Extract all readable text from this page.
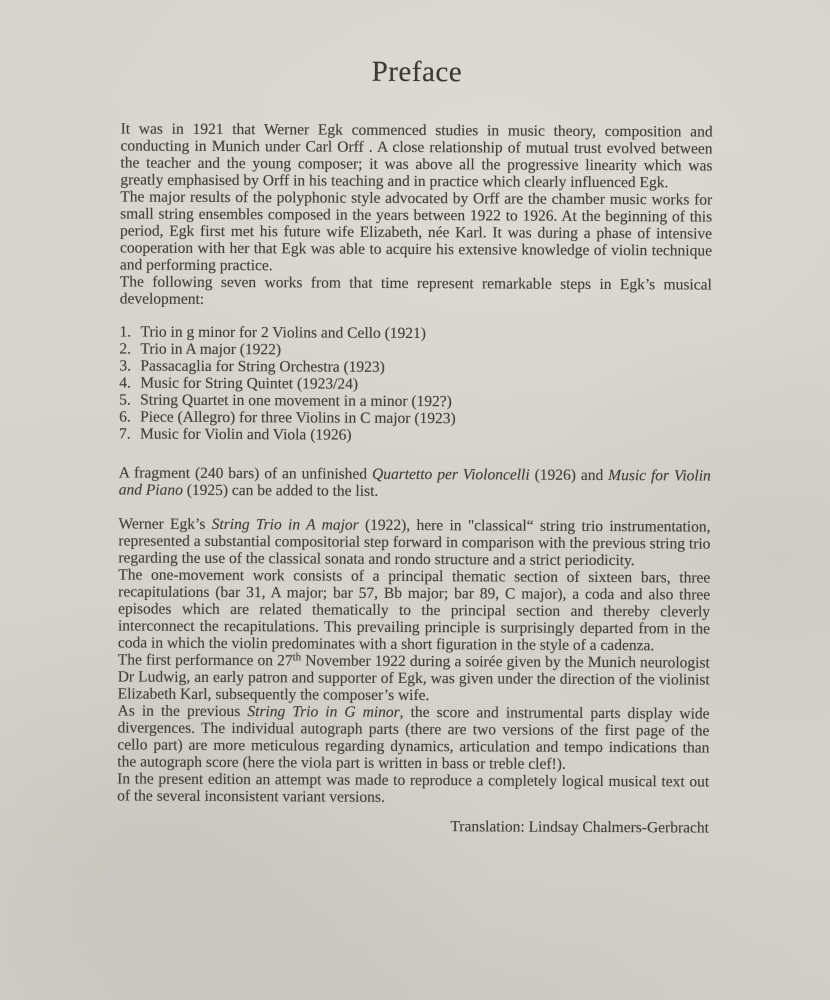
Preface

It was in 1921 that Werner Egk commenced studies in music theory, composition and conducting in Munich under Carl Orff . A close relationship of mutual trust evolved between the teacher and the young composer; it was above all the progressive linearity which was greatly emphasised by Orff in his teaching and in practice which clearly influenced Egk.

The major results of the polyphonic style advocated by Orff are the chamber music works for small string ensembles composed in the years between 1922 to 1926. At the beginning of this period, Egk first met his future wife Elizabeth, née Karl. It was during a phase of intensive cooperation with her that Egk was able to acquire his extensive knowledge of violin technique and performing practice.

The following seven works from that time represent remarkable steps in Egk’s musical development:

1. Trio in g minor for 2 Violins and Cello (1921)
2. Trio in A major (1922)
3. Passacaglia for String Orchestra (1923)
4. Music for String Quintet (1923/24)
5. String Quartet in one movement in a minor (192?)
6. Piece (Allegro) for three Violins in C major (1923)
7. Music for Violin and Viola (1926)

A fragment (240 bars) of an unfinished Quartetto per Violoncelli (1926) and Music for Violin and Piano (1925) can be added to the list.

Werner Egk’s String Trio in A major (1922), here in "classical“ string trio instrumentation, represented a substantial compositorial step forward in comparison with the previous string trio regarding the use of the classical sonata and rondo structure and a strict periodicity.

The one-movement work consists of a principal thematic section of sixteen bars, three recapitulations (bar 31, A major; bar 57, Bb major; bar 89, C major), a coda and also three episodes which are related thematically to the principal section and thereby cleverly interconnect the recapitulations. This prevailing principle is surprisingly departed from in the coda in which the violin predominates with a short figuration in the style of a cadenza.

The first performance on 27th November 1922 during a soirée given by the Munich neurologist Dr Ludwig, an early patron and supporter of Egk, was given under the direction of the violinist Elizabeth Karl, subsequently the composer’s wife.

As in the previous String Trio in G minor, the score and instrumental parts display wide divergences. The individual autograph parts (there are two versions of the first page of the cello part) are more meticulous regarding dynamics, articulation and tempo indications than the autograph score (here the viola part is written in bass or treble clef!).

In the present edition an attempt was made to reproduce a completely logical musical text out of the several inconsistent variant versions.

Translation: Lindsay Chalmers-Gerbracht
